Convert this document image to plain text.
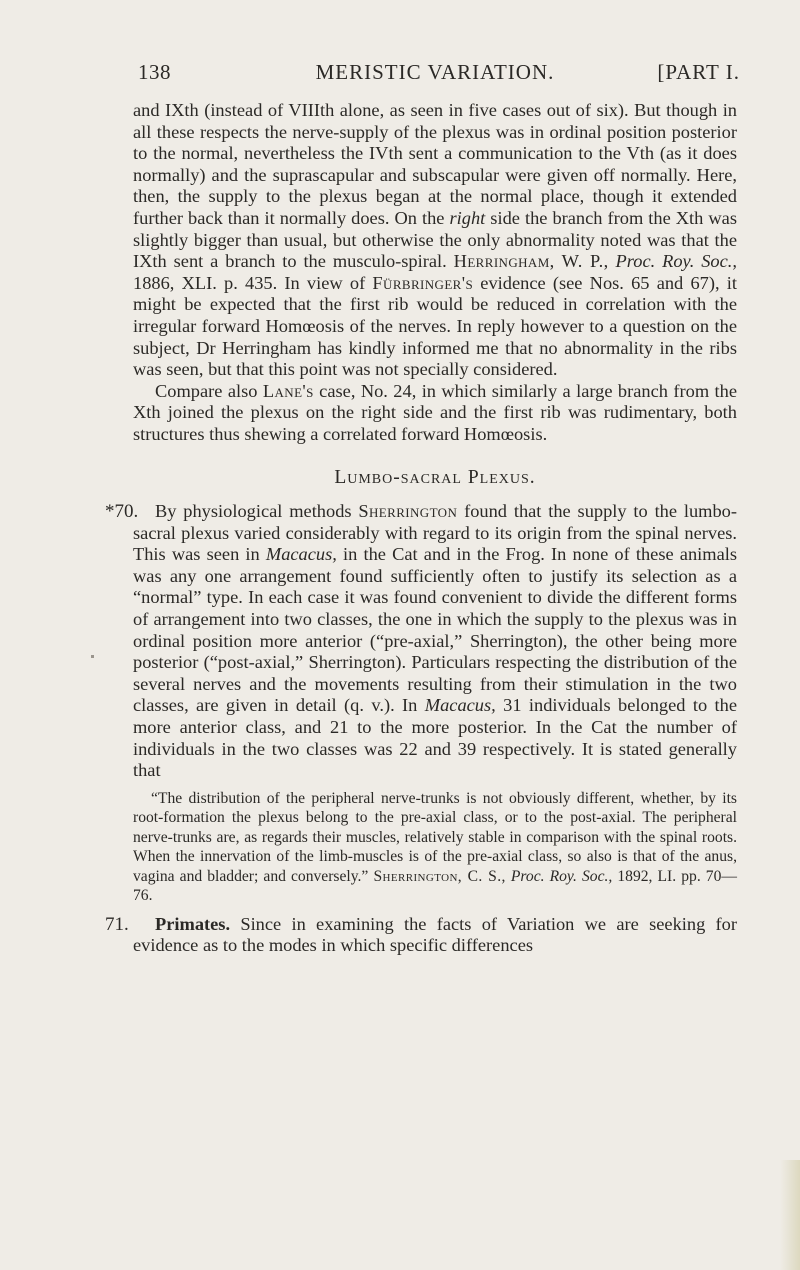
138	MERISTIC VARIATION.	[PART I.

and IXth (instead of VIIIth alone, as seen in five cases out of six). But though in all these respects the nerve-supply of the plexus was in ordinal position posterior to the normal, nevertheless the IVth sent a communication to the Vth (as it does normally) and the suprascapular and subscapular were given off normally. Here, then, the supply to the plexus began at the normal place, though it extended further back than it normally does. On the right side the branch from the Xth was slightly bigger than usual, but otherwise the only abnormality noted was that the IXth sent a branch to the musculo-spiral. Herringham, W. P., Proc. Roy. Soc., 1886, XLI. p. 435. In view of Fürbringer's evidence (see Nos. 65 and 67), it might be expected that the first rib would be reduced in correlation with the irregular forward Homœosis of the nerves. In reply however to a question on the subject, Dr Herringham has kindly informed me that no abnormality in the ribs was seen, but that this point was not specially considered.

Compare also Lane's case, No. 24, in which similarly a large branch from the Xth joined the plexus on the right side and the first rib was rudimentary, both structures thus shewing a correlated forward Homœosis.

Lumbo-sacral Plexus.

*70. By physiological methods Sherrington found that the supply to the lumbo-sacral plexus varied considerably with regard to its origin from the spinal nerves. This was seen in Macacus, in the Cat and in the Frog. In none of these animals was any one arrangement found sufficiently often to justify its selection as a “normal” type. In each case it was found convenient to divide the different forms of arrangement into two classes, the one in which the supply to the plexus was in ordinal position more anterior (“pre-axial,” Sherrington), the other being more posterior (“post-axial,” Sherrington). Particulars respecting the distribution of the several nerves and the movements resulting from their stimulation in the two classes, are given in detail (q. v.). In Macacus, 31 individuals belonged to the more anterior class, and 21 to the more posterior. In the Cat the number of individuals in the two classes was 22 and 39 respectively. It is stated generally that

“The distribution of the peripheral nerve-trunks is not obviously different, whether, by its root-formation the plexus belong to the pre-axial class, or to the post-axial. The peripheral nerve-trunks are, as regards their muscles, relatively stable in comparison with the spinal roots. When the innervation of the limb-muscles is of the pre-axial class, so also is that of the anus, vagina and bladder; and conversely.” Sherrington, C. S., Proc. Roy. Soc., 1892, LI. pp. 70—76.

71. Primates. Since in examining the facts of Variation we are seeking for evidence as to the modes in which specific differences
